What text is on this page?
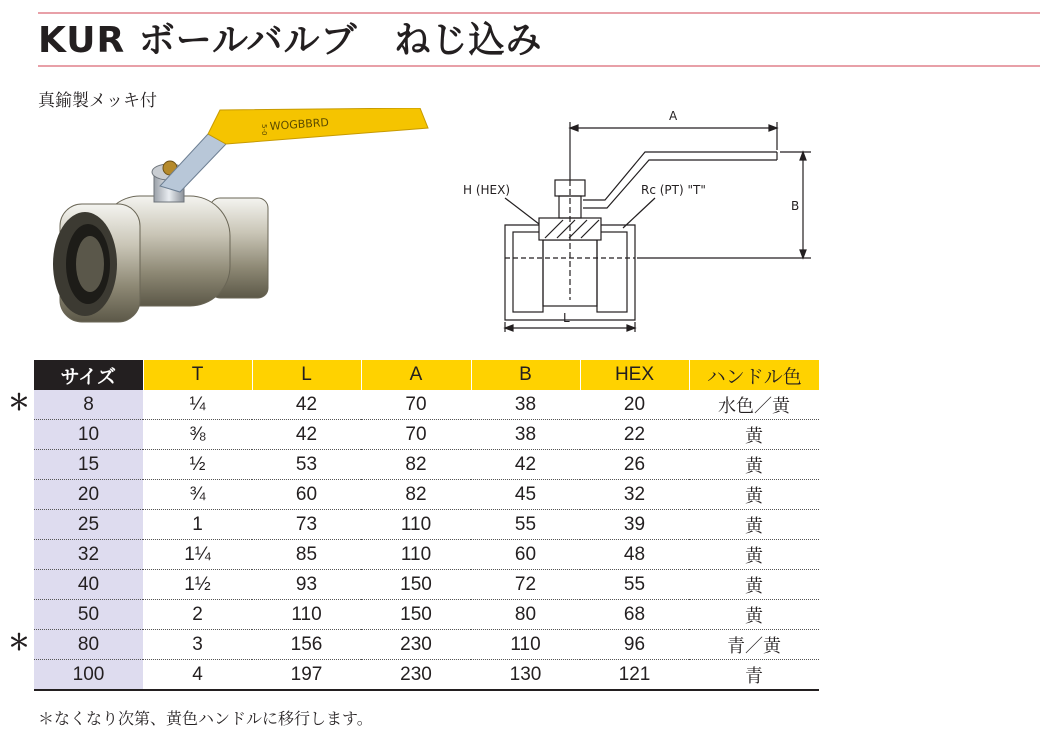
KUR ボールバルブ　ねじ込み
真鍮製メッキ付
WOGBBRD
5-0
A
B
L
H (HEX)	Rc (PT) "T"
サイズ	T	L	A	B	HEX	ハンドル色
8	¼	42	70	38	20	水色／黄
10	⅜	42	70	38	22	黄
15	½	53	82	42	26	黄
20	¾	60	82	45	32	黄
25	1	73	110	55	39	黄
32	1¼	85	110	60	48	黄
40	1½	93	150	72	55	黄
50	2	110	150	80	68	黄
80	3	156	230	110	96	青／黄
100	4	197	230	130	121	青
＊
＊
＊なくなり次第、黄色ハンドルに移行します。
